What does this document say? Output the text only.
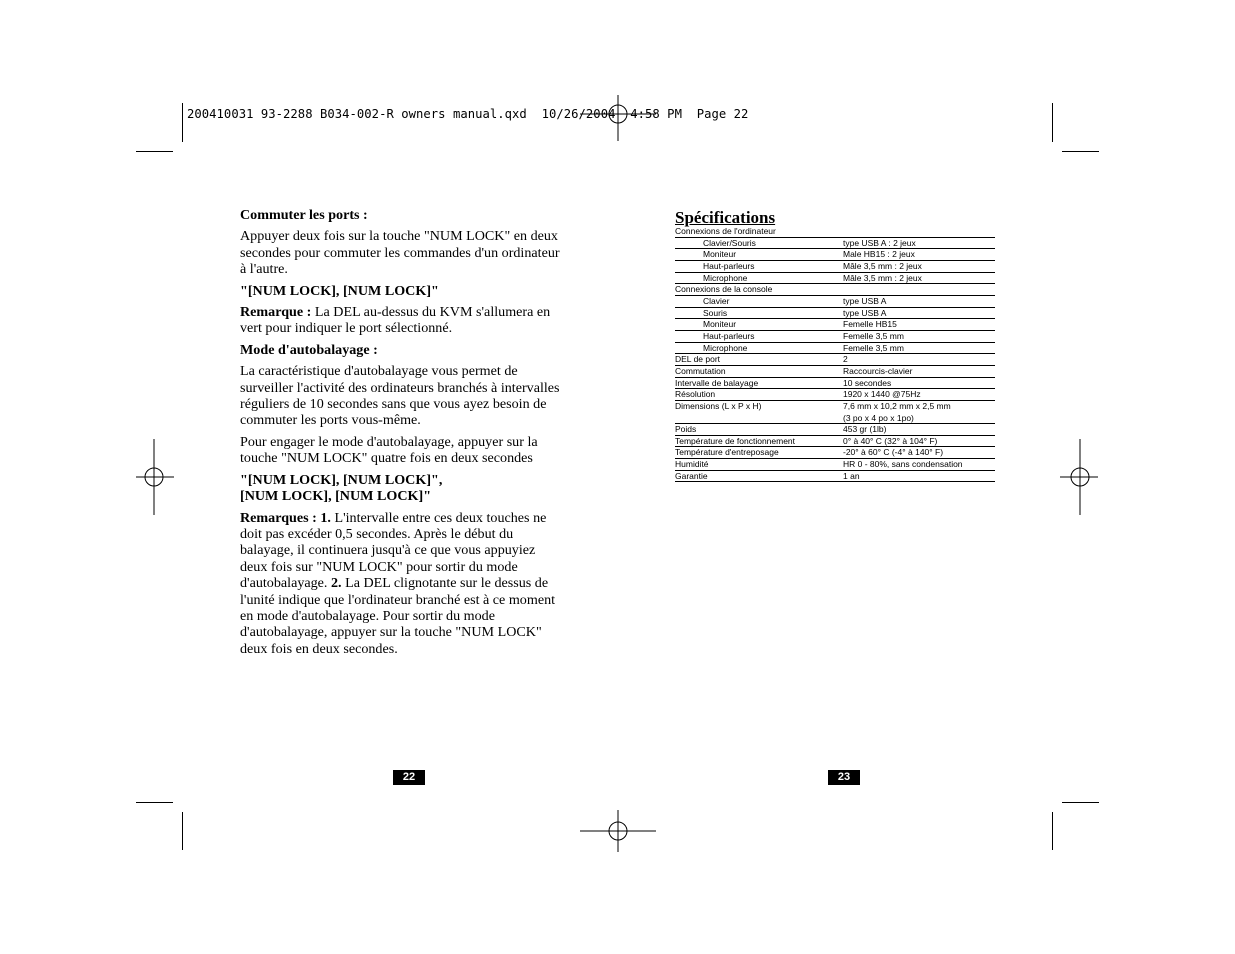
200410031 93-2288 B034-002-R owners manual.qxd  10/26/2004  4:58 PM  Page 22

Commuter les ports :

Appuyer deux fois sur la touche "NUM LOCK" en deux secondes pour commuter les commandes d'un ordinateur à l'autre.

"[NUM LOCK], [NUM LOCK]"

Remarque : La DEL au-dessus du KVM s'allumera en vert pour indiquer le port sélectionné.

Mode d'autobalayage :

La caractéristique d'autobalayage vous permet de surveiller l'activité des ordinateurs branchés à intervalles réguliers de 10 secondes sans que vous ayez besoin de commuter les ports vous-même.

Pour engager le mode d'autobalayage, appuyer sur la touche "NUM LOCK" quatre fois en deux secondes

"[NUM LOCK], [NUM LOCK]",
[NUM LOCK], [NUM LOCK]"

Remarques : 1. L'intervalle entre ces deux touches ne doit pas excéder 0,5 secondes. Après le début du balayage, il continuera jusqu'à ce que vous appuyiez deux fois sur "NUM LOCK" pour sortir du mode d'autobalayage. 2. La DEL clignotante sur le dessus de l'unité indique que l'ordinateur branché est à ce moment en mode d'autobalayage. Pour sortir du mode d'autobalayage, appuyer sur la touche "NUM LOCK" deux fois en deux secondes.

Spécifications
Connexions de l'ordinateur
Clavier/Souris	type USB A : 2 jeux
Moniteur	Male HB15 : 2 jeux
Haut-parleurs	Mâle 3,5 mm : 2 jeux
Microphone	Mâle 3,5 mm : 2 jeux
Connexions de la console
Clavier	type USB A
Souris	type USB A
Moniteur	Femelle HB15
Haut-parleurs	Femelle 3,5 mm
Microphone	Femelle 3,5 mm
DEL de port	2
Commutation	Raccourcis-clavier
Intervalle de balayage	10 secondes
Résolution	1920 x 1440 @75Hz
Dimensions (L x P x H)	7,6 mm x 10,2 mm x 2,5 mm
(3 po x 4 po x 1po)
Poids	453 gr (1lb)
Température de fonctionnement	0° à 40° C (32° à 104° F)
Température d'entreposage	-20° à 60° C (-4° à 140° F)
Humidité	HR 0 - 80%, sans condensation
Garantie	1 an
22	23
